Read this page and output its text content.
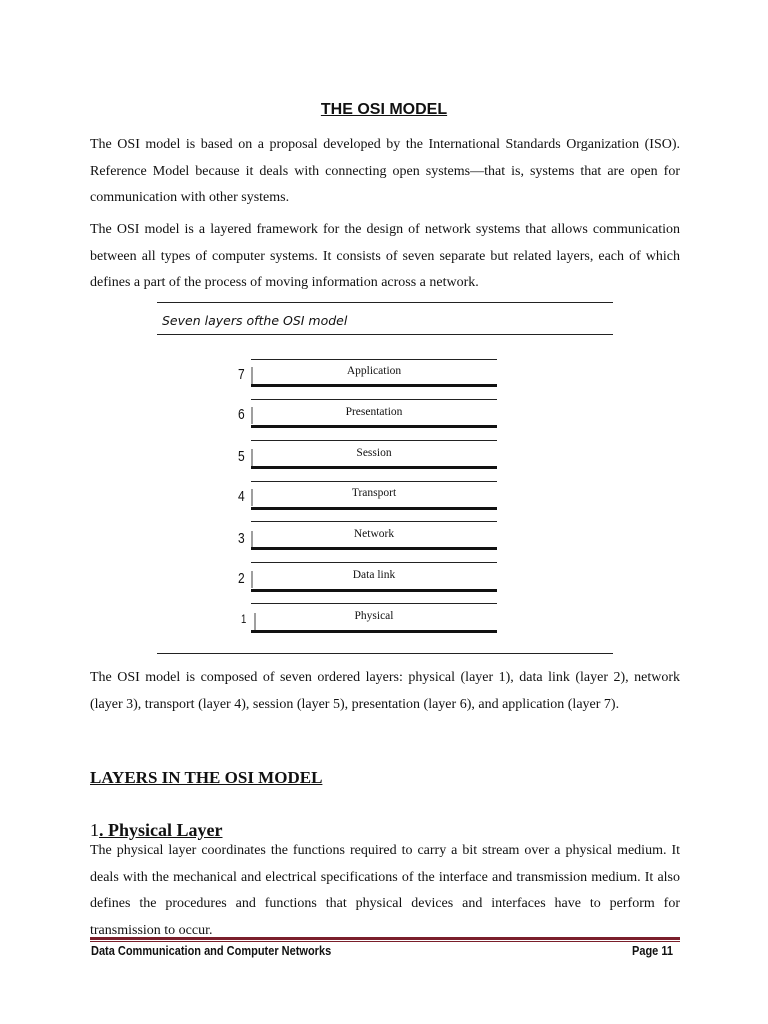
THE OSI MODEL

The OSI model is based on a proposal developed by the International Standards Organization (ISO). Reference Model because it deals with connecting open systems—that is, systems that are open for communication with other systems.

The OSI model is a layered framework for the design of network systems that allows communication between all types of computer systems. It consists of seven separate but related layers, each of which defines a part of the process of moving information across a network.

Seven layers ofthe OSI model
7	Application
6	Presentation
5	Session
4	Transport
3	Network
2	Data link
1	Physical

The OSI model is composed of seven ordered layers: physical (layer 1), data link (layer 2), network (layer 3), transport (layer 4), session (layer 5), presentation (layer 6), and application (layer 7).

LAYERS IN THE OSI MODEL
1. Physical Layer

The physical layer coordinates the functions required to carry a bit stream over a physical medium. It deals with the mechanical and electrical specifications of the interface and transmission medium. It also defines the procedures and functions that physical devices and interfaces have to perform for transmission to occur.

Data Communication and Computer Networks	Page 11
